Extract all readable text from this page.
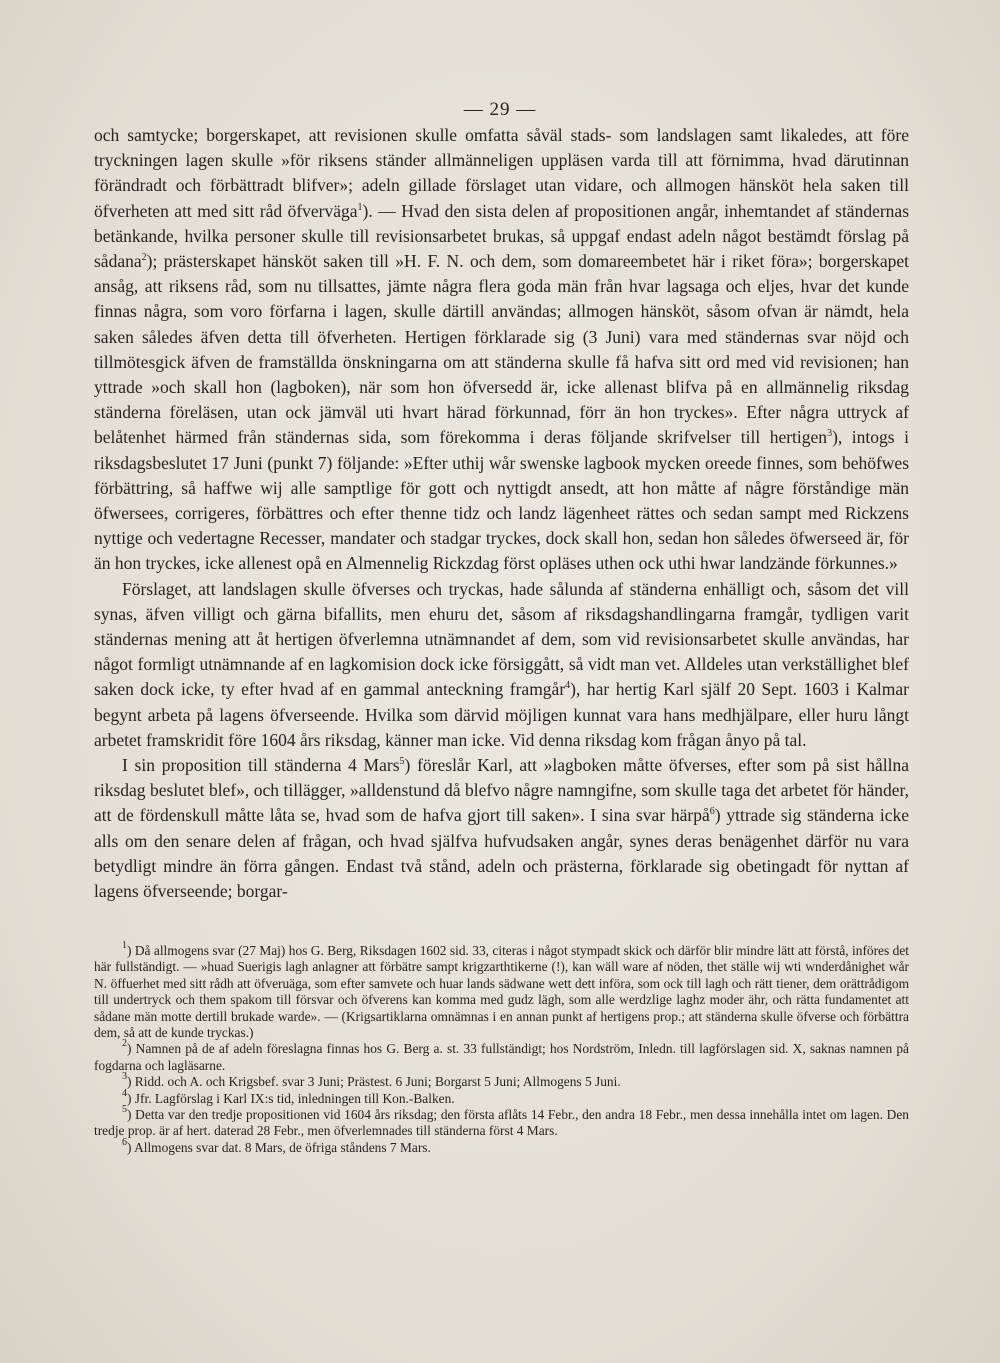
— 29 —

och samtycke; borgerskapet, att revisionen skulle omfatta såväl stads- som landslagen samt likaledes, att före tryckningen lagen skulle »för riksens ständer allmänneligen uppläsen varda till att förnimma, hvad därutinnan förändradt och förbättradt blifver»; adeln gillade förslaget utan vidare, och allmogen hänsköt hela saken till öfverheten att med sitt råd öfverväga$^1$). — Hvad den sista delen af propositionen angår, inhemtandet af ständernas betänkande, hvilka personer skulle till revisionsarbetet brukas, så uppgaf endast adeln något bestämdt förslag på sådana$^2$); prästerskapet hänsköt saken till »H. F. N. och dem, som domareembetet här i riket föra»; borgerskapet ansåg, att riksens råd, som nu tillsattes, jämte några flera goda män från hvar lagsaga och eljes, hvar det kunde finnas några, som voro förfarna i lagen, skulle därtill användas; allmogen hänsköt, såsom ofvan är nämdt, hela saken således äfven detta till öfverheten. Hertigen förklarade sig (3 Juni) vara med ständernas svar nöjd och tillmötesgick äfven de framställda önskningarna om att ständerna skulle få hafva sitt ord med vid revisionen; han yttrade »och skall hon (lagboken), när som hon öfversedd är, icke allenast blifva på en allmännelig riksdag ständerna föreläsen, utan ock jämväl uti hvart härad förkunnad, förr än hon tryckes». Efter några uttryck af belåtenhet härmed från ständernas sida, som förekomma i deras följande skrifvelser till hertigen$^3$), intogs i riksdagsbeslutet 17 Juni (punkt 7) följande: »Efter uthij wår swenske lagbook mycken oreede finnes, som behöfwes förbättring, så haffwe wij alle samptlige för gott och nyttigdt ansedt, att hon måtte af någre förståndige män öfwersees, corrigeres, förbättres och efter thenne tidz och landz lägenheet rättes och sedan sampt med Rickzens nyttige och vedertagne Recesser, mandater och stadgar tryckes, dock skall hon, sedan hon således öfwerseed är, för än hon tryckes, icke allenest opå en Almennelig Rickzdag först opläses uthen ock uthi hwar landzände förkunnes.»

Förslaget, att landslagen skulle öfverses och tryckas, hade sålunda af ständerna enhälligt och, såsom det vill synas, äfven villigt och gärna bifallits, men ehuru det, såsom af riksdagshandlingarna framgår, tydligen varit ständernas mening att åt hertigen öfverlemna utnämnandet af dem, som vid revisionsarbetet skulle användas, har något formligt utnämnande af en lagkomision dock icke försiggått, så vidt man vet. Alldeles utan verkställighet blef saken dock icke, ty efter hvad af en gammal anteckning framgår$^4$), har hertig Karl själf 20 Sept. 1603 i Kalmar begynt arbeta på lagens öfverseende. Hvilka som därvid möjligen kunnat vara hans medhjälpare, eller huru långt arbetet framskridit före 1604 års riksdag, känner man icke. Vid denna riksdag kom frågan ånyo på tal.

I sin proposition till ständerna 4 Mars$^5$) föreslår Karl, att »lagboken måtte öfverses, efter som på sist hållna riksdag beslutet blef», och tillägger, »alldenstund då blefvo någre namngifne, som skulle taga det arbetet för händer, att de fördenskull måtte låta se, hvad som de hafva gjort till saken». I sina svar härpå$^6$) yttrade sig ständerna icke alls om den senare delen af frågan, och hvad själfva hufvudsaken angår, synes deras benägenhet därför nu vara betydligt mindre än förra gången. Endast två stånd, adeln och prästerna, förklarade sig obetingadt för nyttan af lagens öfverseende; borgar-

$^1$) Då allmogens svar (27 Maj) hos G. Berg, Riksdagen 1602 sid. 33, citeras i något stympadt skick och därför blir mindre lätt att förstå, införes det här fullständigt. — »huad Suerigis lagh anlagner att förbätre sampt krigzarthtikerne (!), kan wäll ware af nöden, thet ställe wij wti wnderdånighet wår N. öffuerhet med sitt rådh att öfveruäga, som efter samvete och huar lands sädwane wett dett införa, som ock till lagh och rätt tiener, dem orättrådigom till undertryck och them spakom till försvar och öfverens kan komma med gudz lägh, som alle werdzlige laghz moder ähr, och rätta fundamentet att sådane män motte dertill brukade warde». — (Krigsartiklarna omnämnas i en annan punkt af hertigens prop.; att ständerna skulle öfverse och förbättra dem, så att de kunde tryckas.)

$^2$) Namnen på de af adeln föreslagna finnas hos G. Berg a. st. 33 fullständigt; hos Nordström, Inledn. till lagförslagen sid. X, saknas namnen på fogdarna och lagläsarne.

$^3$) Ridd. och A. och Krigsbef. svar 3 Juni; Prästest. 6 Juni; Borgarst 5 Juni; Allmogens 5 Juni.

$^4$) Jfr. Lagförslag i Karl IX:s tid, inledningen till Kon.-Balken.

$^5$) Detta var den tredje propositionen vid 1604 års riksdag; den första aflåts 14 Febr., den andra 18 Febr., men dessa innehålla intet om lagen. Den tredje prop. är af hert. daterad 28 Febr., men öfverlemnades till ständerna först 4 Mars.

$^6$) Allmogens svar dat. 8 Mars, de öfriga ståndens 7 Mars.
